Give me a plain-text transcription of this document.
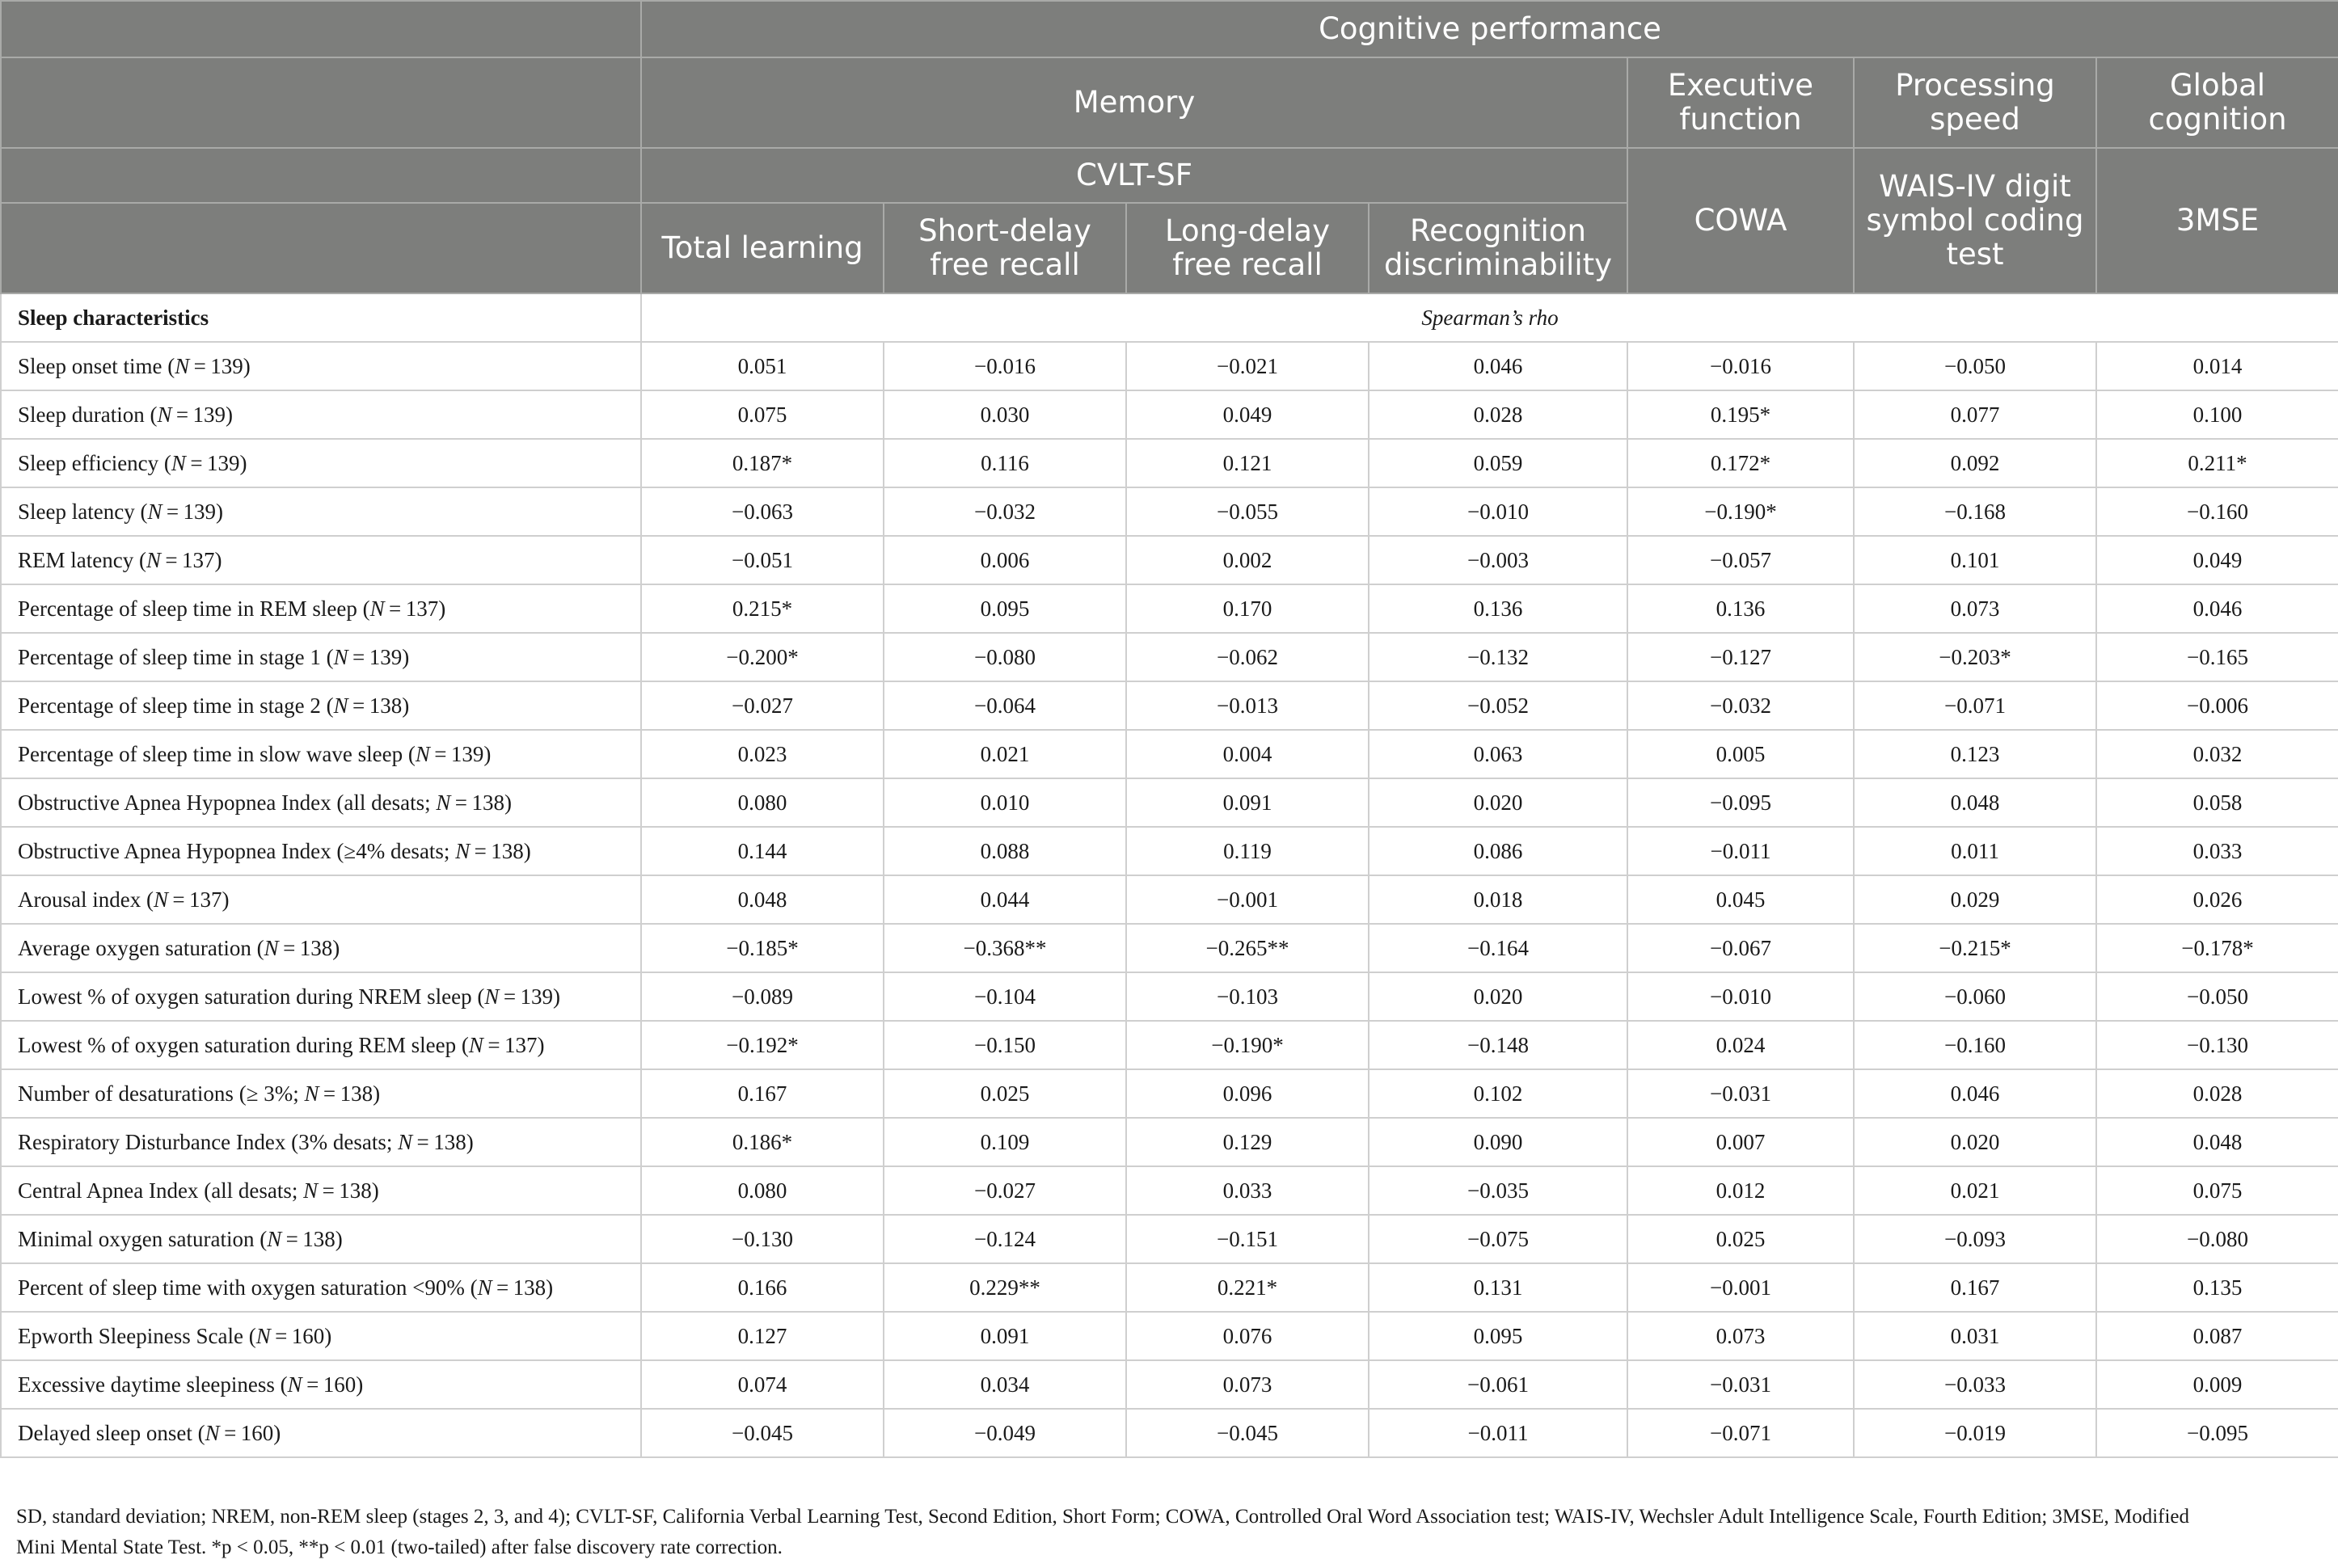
	Cognitive performance						
	Memory				Executive function	Processing speed	Global cognition
	CVLT-SF				COWA	WAIS-IV digit symbol coding test	3MSE
	Total learning	Short-delay free recall	Long-delay free recall	Recognition discriminability			
Sleep characteristics	Spearman’s rho						
Sleep onset time (N = 139)	0.051	−0.016	−0.021	0.046	−0.016	−0.050	0.014
Sleep duration (N = 139)	0.075	0.030	0.049	0.028	0.195*	0.077	0.100
Sleep efficiency (N = 139)	0.187*	0.116	0.121	0.059	0.172*	0.092	0.211*
Sleep latency (N = 139)	−0.063	−0.032	−0.055	−0.010	−0.190*	−0.168	−0.160
REM latency (N = 137)	−0.051	0.006	0.002	−0.003	−0.057	0.101	0.049
Percentage of sleep time in REM sleep (N = 137)	0.215*	0.095	0.170	0.136	0.136	0.073	0.046
Percentage of sleep time in stage 1 (N = 139)	−0.200*	−0.080	−0.062	−0.132	−0.127	−0.203*	−0.165
Percentage of sleep time in stage 2 (N = 138)	−0.027	−0.064	−0.013	−0.052	−0.032	−0.071	−0.006
Percentage of sleep time in slow wave sleep (N = 139)	0.023	0.021	0.004	0.063	0.005	0.123	0.032
Obstructive Apnea Hypopnea Index (all desats; N = 138)	0.080	0.010	0.091	0.020	−0.095	0.048	0.058
Obstructive Apnea Hypopnea Index (≥4% desats; N = 138)	0.144	0.088	0.119	0.086	−0.011	0.011	0.033
Arousal index (N = 137)	0.048	0.044	−0.001	0.018	0.045	0.029	0.026
Average oxygen saturation (N = 138)	−0.185*	−0.368**	−0.265**	−0.164	−0.067	−0.215*	−0.178*
Lowest % of oxygen saturation during NREM sleep (N = 139)	−0.089	−0.104	−0.103	0.020	−0.010	−0.060	−0.050
Lowest % of oxygen saturation during REM sleep (N = 137)	−0.192*	−0.150	−0.190*	−0.148	0.024	−0.160	−0.130
Number of desaturations (≥ 3%; N = 138)	0.167	0.025	0.096	0.102	−0.031	0.046	0.028
Respiratory Disturbance Index (3% desats; N = 138)	0.186*	0.109	0.129	0.090	0.007	0.020	0.048
Central Apnea Index (all desats; N = 138)	0.080	−0.027	0.033	−0.035	0.012	0.021	0.075
Minimal oxygen saturation (N = 138)	−0.130	−0.124	−0.151	−0.075	0.025	−0.093	−0.080
Percent of sleep time with oxygen saturation <90% (N = 138)	0.166	0.229**	0.221*	0.131	−0.001	0.167	0.135
Epworth Sleepiness Scale (N = 160)	0.127	0.091	0.076	0.095	0.073	0.031	0.087
Excessive daytime sleepiness (N = 160)	0.074	0.034	0.073	−0.061	−0.031	−0.033	0.009
Delayed sleep onset (N = 160)	−0.045	−0.049	−0.045	−0.011	−0.071	−0.019	−0.095
SD, standard deviation; NREM, non-REM sleep (stages 2, 3, and 4); CVLT-SF, California Verbal Learning Test, Second Edition, Short Form; COWA, Controlled Oral Word Association test; WAIS-IV, Wechsler Adult Intelligence Scale, Fourth Edition; 3MSE, Modified
Mini Mental State Test. *p < 0.05, **p < 0.01 (two-tailed) after false discovery rate correction.
